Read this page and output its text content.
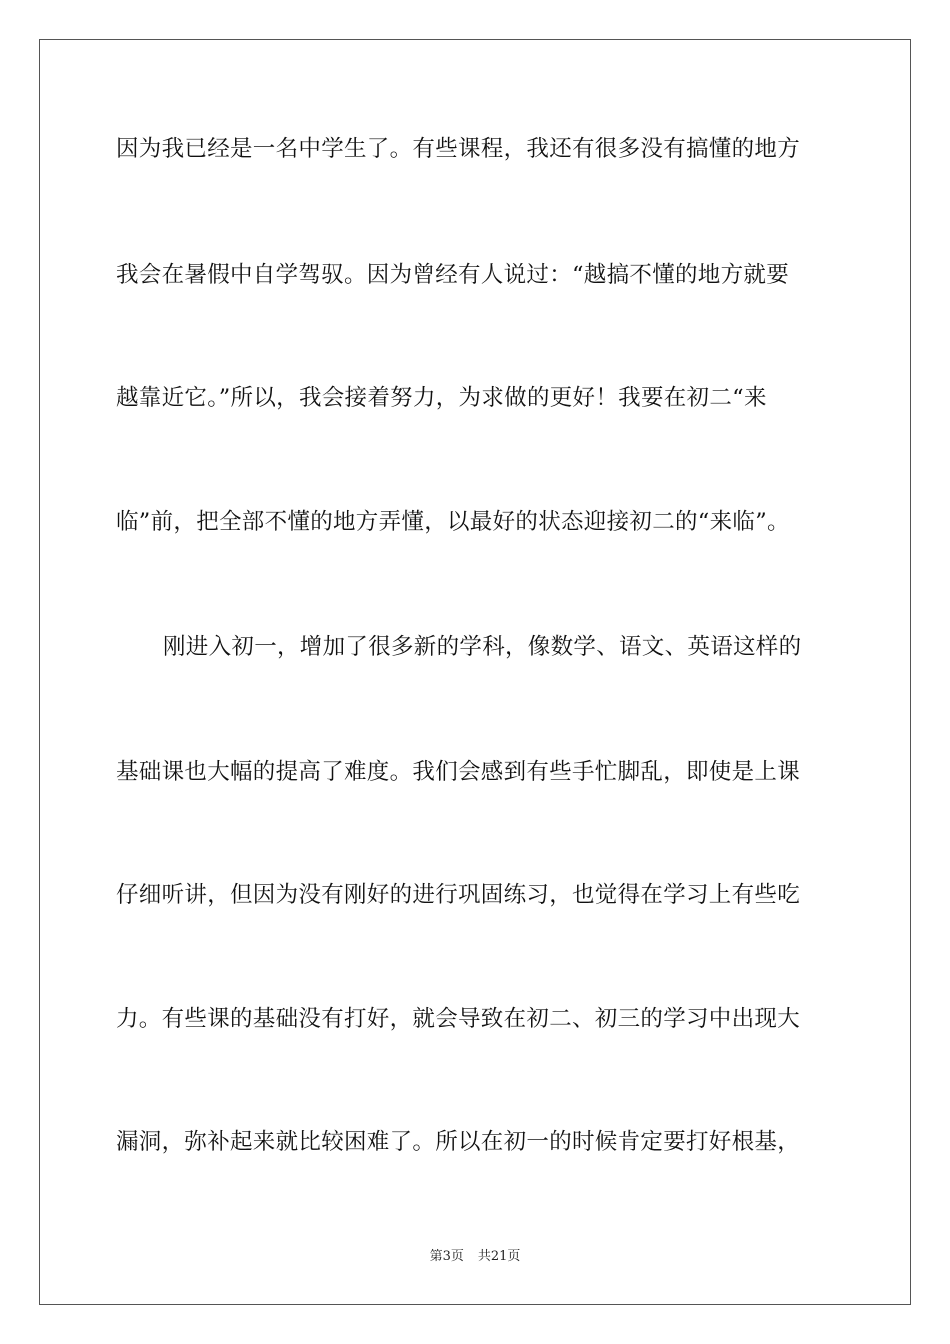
因为我已经是一名中学生了。有些课程，我还有很多没有搞懂的地方
我会在暑假中自学驾驭。因为曾经有人说过：“越搞不懂的地方就要
越靠近它。”所以，我会接着努力，为求做的更好！我要在初二“来
临”前，把全部不懂的地方弄懂，以最好的状态迎接初二的“来临”。
刚进入初一，增加了很多新的学科，像数学、语文、英语这样的
基础课也大幅的提高了难度。我们会感到有些手忙脚乱，即使是上课
仔细听讲，但因为没有刚好的进行巩固练习，也觉得在学习上有些吃
力。有些课的基础没有打好，就会导致在初二、初三的学习中出现大
漏洞，弥补起来就比较困难了。所以在初一的时候肯定要打好根基，
第3页 共21页
